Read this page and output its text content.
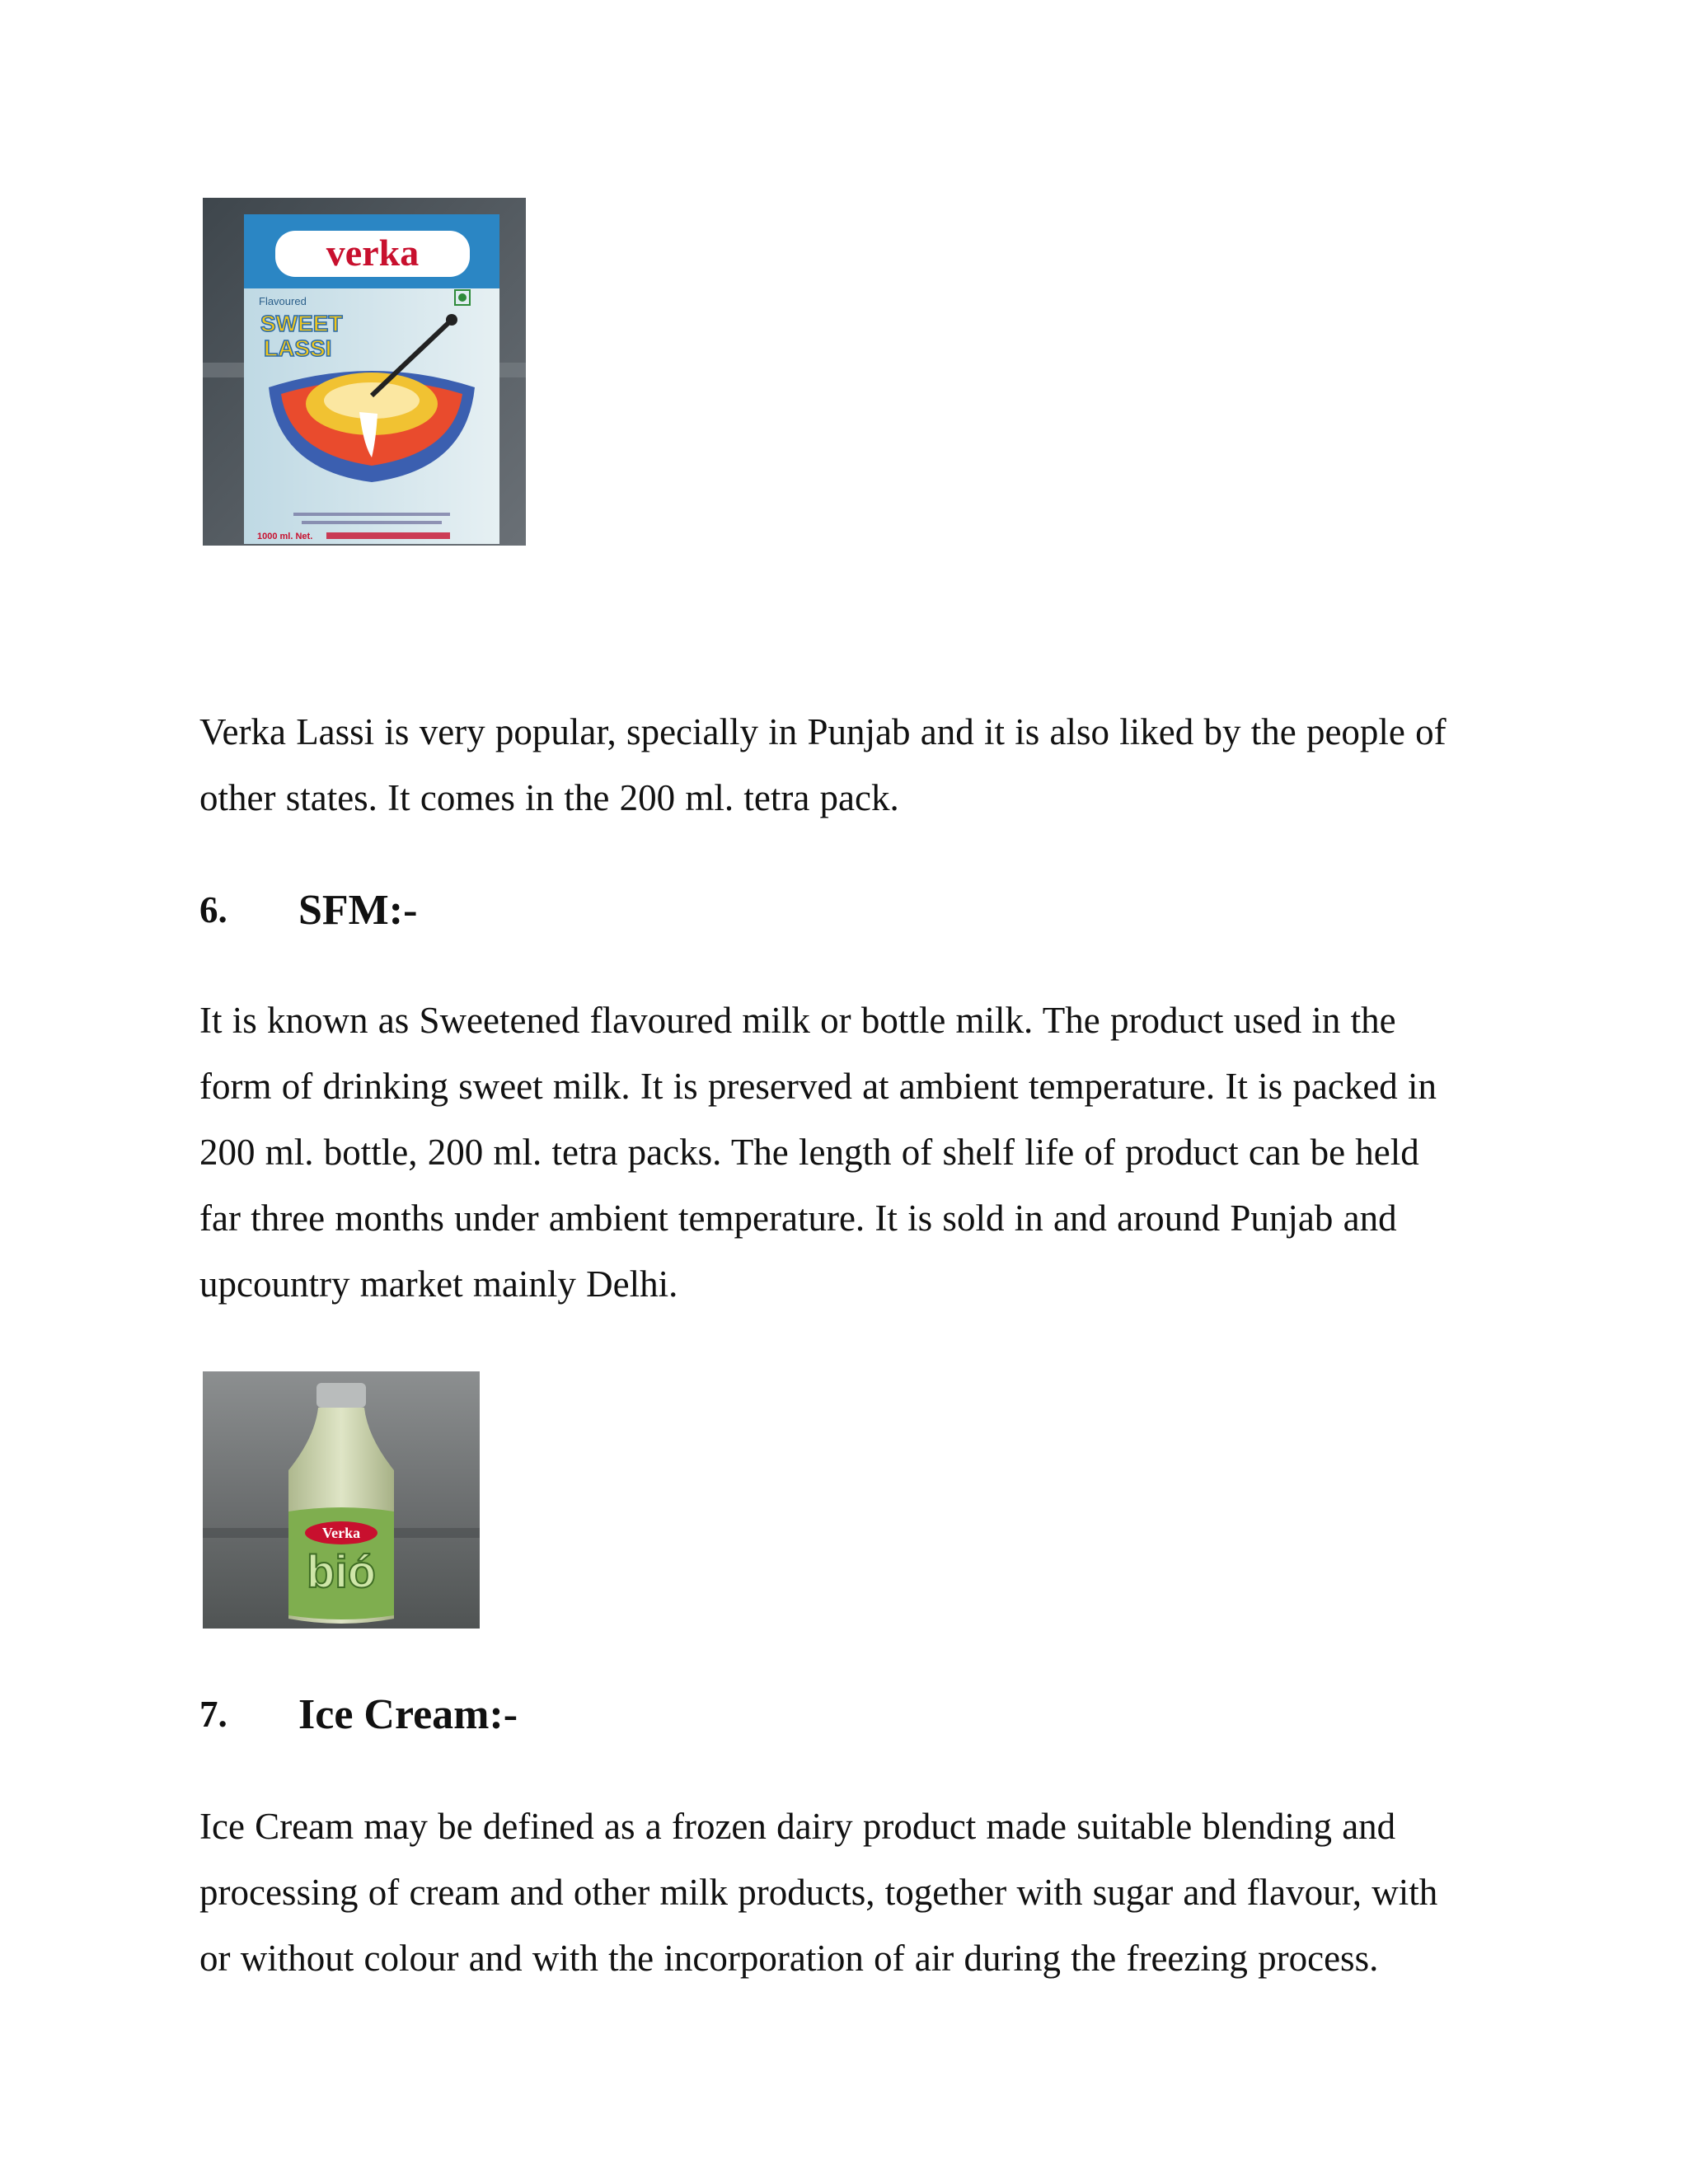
verka
Flavoured
SWEET
LASSI
1000 ml. Net.

Verka Lassi is very popular, specially in Punjab and it is also liked by the people of
other states. It comes in the 200 ml. tetra pack.

6.	SFM:-

It is known as Sweetened flavoured milk or bottle milk. The product used in the
form of drinking sweet milk. It is preserved at ambient temperature. It is packed in
200 ml. bottle, 200 ml. tetra packs. The length of shelf life of product can be held
far three months under ambient temperature. It is sold in and around Punjab and
upcountry market mainly Delhi.

Verka
bió
7.	Ice Cream:-

Ice Cream may be defined as a frozen dairy product made suitable blending and
processing of cream and other milk products, together with sugar and flavour, with
or without colour and with the incorporation of air during the freezing process.
